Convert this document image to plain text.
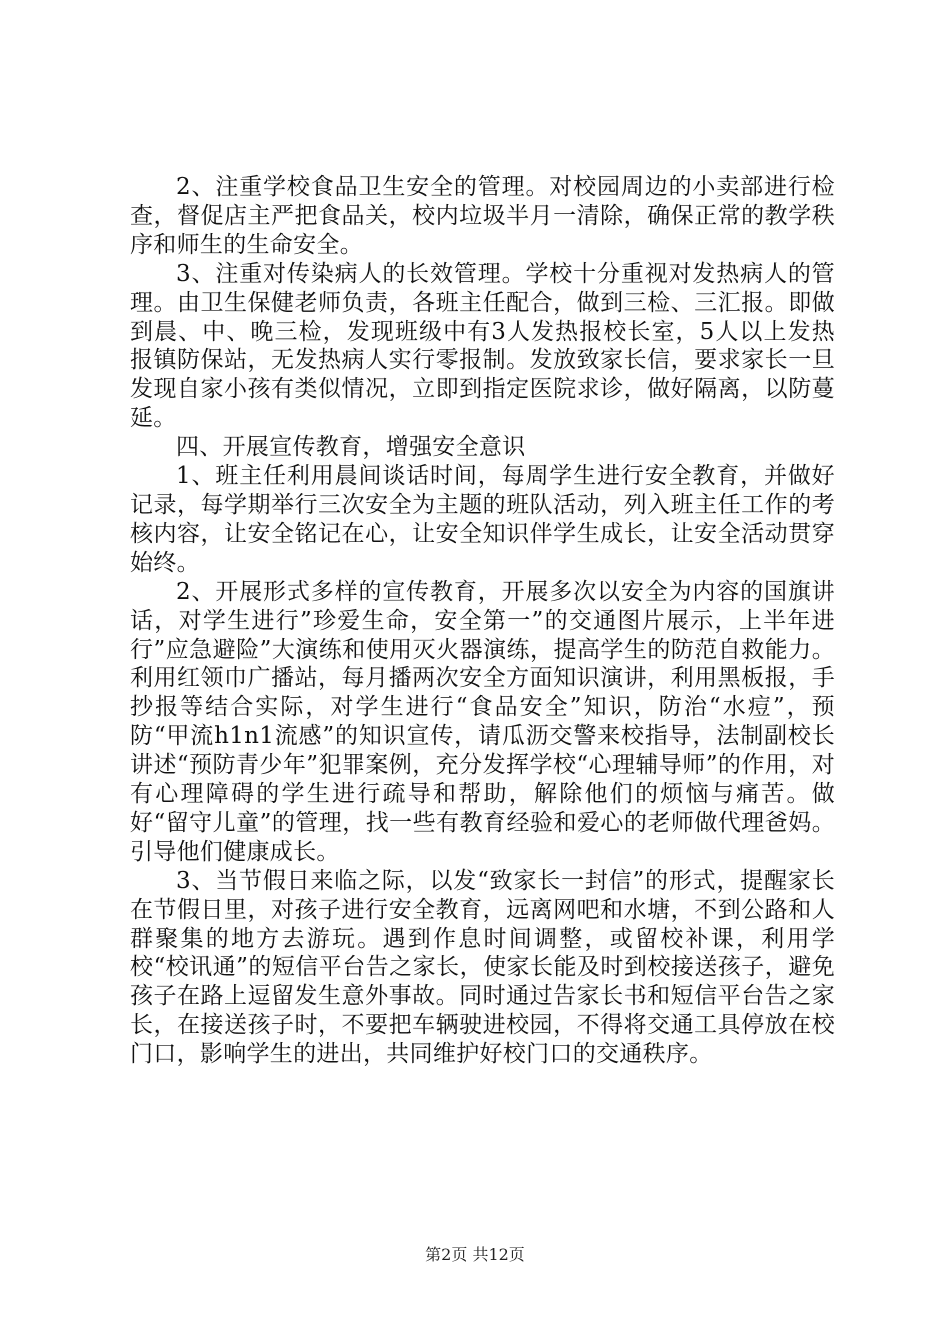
2、注重学校食品卫生安全的管理。对校园周边的小卖部进行检查，督促店主严把食品关，校内垃圾半月一清除，确保正常的教学秩序和师生的生命安全。

3、注重对传染病人的长效管理。学校十分重视对发热病人的管理。由卫生保健老师负责，各班主任配合，做到三检、三汇报。即做到晨、中、晚三检，发现班级中有3人发热报校长室，5人以上发热报镇防保站，无发热病人实行零报制。发放致家长信，要求家长一旦发现自家小孩有类似情况，立即到指定医院求诊，做好隔离，以防蔓延。

四、开展宣传教育，增强安全意识

1、班主任利用晨间谈话时间，每周学生进行安全教育，并做好记录，每学期举行三次安全为主题的班队活动，列入班主任工作的考核内容，让安全铭记在心，让安全知识伴学生成长，让安全活动贯穿始终。

2、开展形式多样的宣传教育，开展多次以安全为内容的国旗讲话，对学生进行”珍爱生命，安全第一”的交通图片展示，上半年进行”应急避险”大演练和使用灭火器演练，提高学生的防范自救能力。利用红领巾广播站，每月播两次安全方面知识演讲，利用黑板报，手抄报等结合实际，对学生进行“食品安全”知识，防治“水痘”，预防“甲流h1n1流感”的知识宣传，请瓜沥交警来校指导，法制副校长讲述“预防青少年”犯罪案例，充分发挥学校“心理辅导师”的作用，对有心理障碍的学生进行疏导和帮助，解除他们的烦恼与痛苦。做好“留守儿童”的管理，找一些有教育经验和爱心的老师做代理爸妈。引导他们健康成长。

3、当节假日来临之际，以发“致家长一封信”的形式，提醒家长在节假日里，对孩子进行安全教育，远离网吧和水塘，不到公路和人群聚集的地方去游玩。遇到作息时间调整，或留校补课，利用学校“校讯通”的短信平台告之家长，使家长能及时到校接送孩子，避免孩子在路上逗留发生意外事故。同时通过告家长书和短信平台告之家长，在接送孩子时，不要把车辆驶进校园，不得将交通工具停放在校门口，影响学生的进出，共同维护好校门口的交通秩序。

第2页 共12页
